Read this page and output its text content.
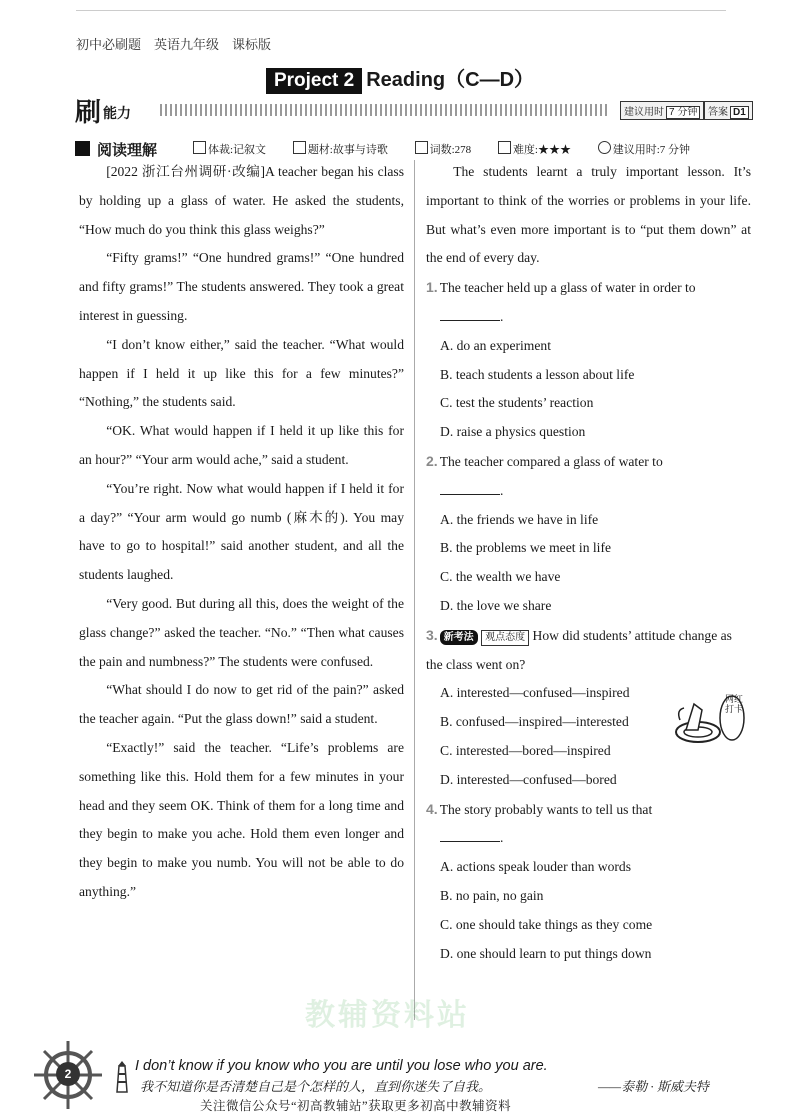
初中必刷题　英语九年级　课标版
Project 2 Reading（C—D）
刷 能力	建议用时 7 分钟	答案 D1
阅读理解	体裁:记叙文	题材:故事与诗歌	词数:278	难度:★★★	建议用时:7 分钟

[2022 浙江台州调研·改编]A teacher began his class by holding up a glass of water. He asked the students, “How much do you think this glass weighs?”

“Fifty grams!” “One hundred grams!” “One hundred and fifty grams!” The students answered. They took a great interest in guessing.

“I don’t know either,” said the teacher. “What would happen if I held it up like this for a few minutes?” “Nothing,” the students said.

“OK. What would happen if I held it up like this for an hour?” “Your arm would ache,” said a student.

“You’re right. Now what would happen if I held it for a day?” “Your arm would go numb (麻木的). You may have to go to hospital!” said another student, and all the students laughed.

“Very good. But during all this, does the weight of the glass change?” asked the teacher. “No.” “Then what causes the pain and numbness?” The students were confused.

“What should I do now to get rid of the pain?” asked the teacher again. “Put the glass down!” said a student.

“Exactly!” said the teacher. “Life’s problems are something like this. Hold them for a few minutes in your head and they seem OK. Think of them for a long time and they begin to make you ache. Hold them even longer and they begin to make you numb. You will not be able to do anything.”

The students learnt a truly important lesson. It’s important to think of the worries or problems in your life. But what’s even more important is to “put them down” at the end of every day.

1. The teacher held up a glass of water in order to

.

A. do an experiment

B. teach students a lesson about life

C. test the students’ reaction

D. raise a physics question

2. The teacher compared a glass of water to

.

A. the friends we have in life

B. the problems we meet in life

C. the wealth we have

D. the love we share

3. 新考法 观点态度 How did students’ attitude change as the class went on?

A. interested—confused—inspired

B. confused—inspired—interested

C. interested—bored—inspired

D. interested—confused—bored

4. The story probably wants to tell us that

.

A. actions speak louder than words

B. no pain, no gain

C. one should take things as they come

D. one should learn to put things down

网红打卡
教辅资料站
2	I don’t know if you know who you are until you lose who you are.
我不知道你是否清楚自己是个怎样的人，直到你迷失了自我。	——泰勒 · 斯威夫特
关注微信公众号“初高教辅站”获取更多初高中教辅资料
